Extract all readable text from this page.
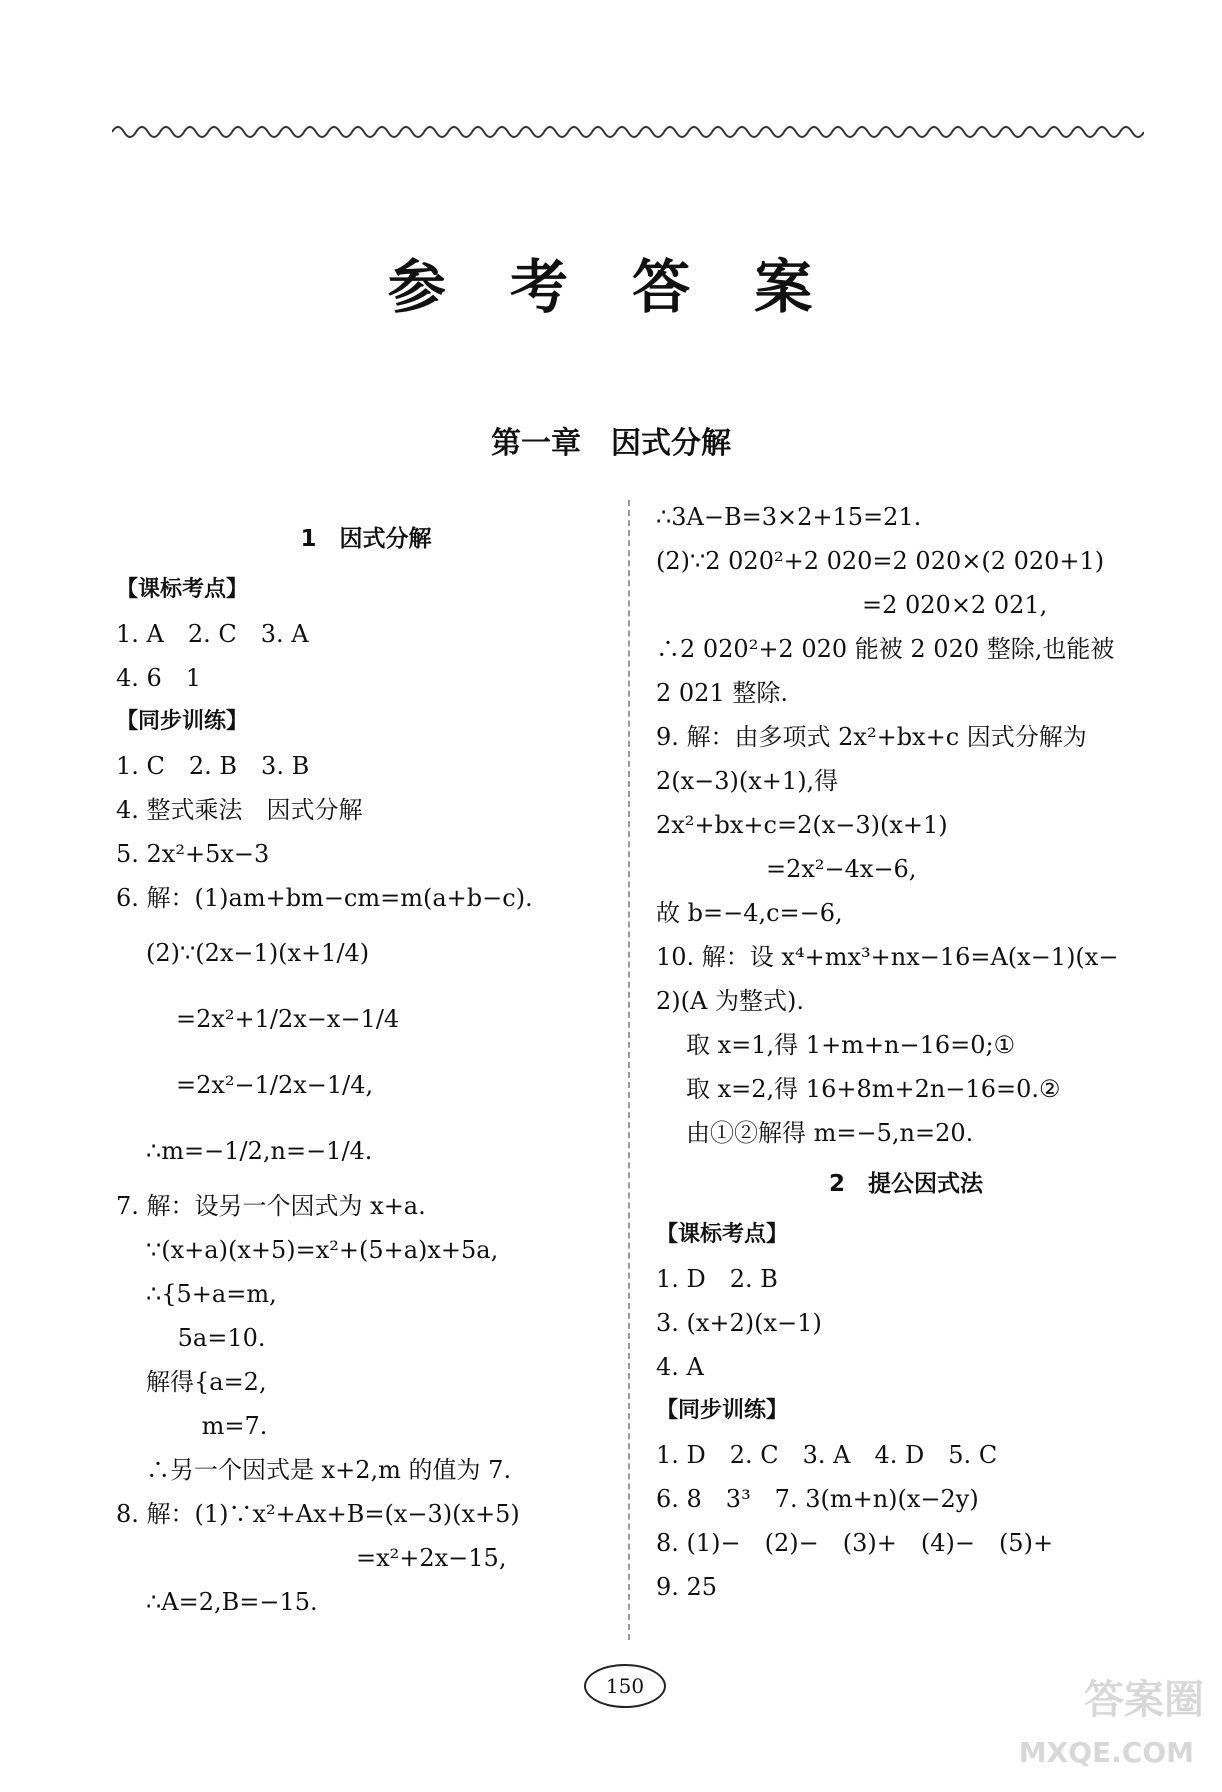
参 考 答 案
第一章　因式分解
1　因式分解
【课标考点】
1. A　2. C　3. A
4. 6　1
【同步训练】
1. C　2. B　3. B
4. 整式乘法　因式分解
5. 2x²+5x−3
6. 解：(1)am+bm−cm=m(a+b−c).
(2)∵(2x−1)(x+1/4)
=2x²+1/2x−x−1/4
=2x²−1/2x−1/4,
∴m=−1/2,n=−1/4.
7. 解：设另一个因式为 x+a.
∵(x+a)(x+5)=x²+(5+a)x+5a,
∴{5+a=m,
　 5a=10.
解得{a=2,
　　 m=7.
∴另一个因式是 x+2,m 的值为 7.
8. 解：(1)∵x²+Ax+B=(x−3)(x+5)
=x²+2x−15,
∴A=2,B=−15.
∴3A−B=3×2+15=21.
(2)∵2 020²+2 020=2 020×(2 020+1)
　　　　=2 020×2 021,
∴2 020²+2 020 能被 2 020 整除,也能被
2 021 整除.
9. 解：由多项式 2x²+bx+c 因式分解为
2(x−3)(x+1),得
2x²+bx+c=2(x−3)(x+1)
=2x²−4x−6,
故 b=−4,c=−6,
10. 解：设 x⁴+mx³+nx−16=A(x−1)(x−
2)(A 为整式).
取 x=1,得 1+m+n−16=0;①
取 x=2,得 16+8m+2n−16=0.②
由①②解得 m=−5,n=20.
2　提公因式法
【课标考点】
1. D　2. B
3. (x+2)(x−1)
4. A
【同步训练】
1. D　2. C　3. A　4. D　5. C
6. 8　3³　7. 3(m+n)(x−2y)
8. (1)−　(2)−　(3)+　(4)−　(5)+
9. 25
150	答案圈
MXQE.COM
